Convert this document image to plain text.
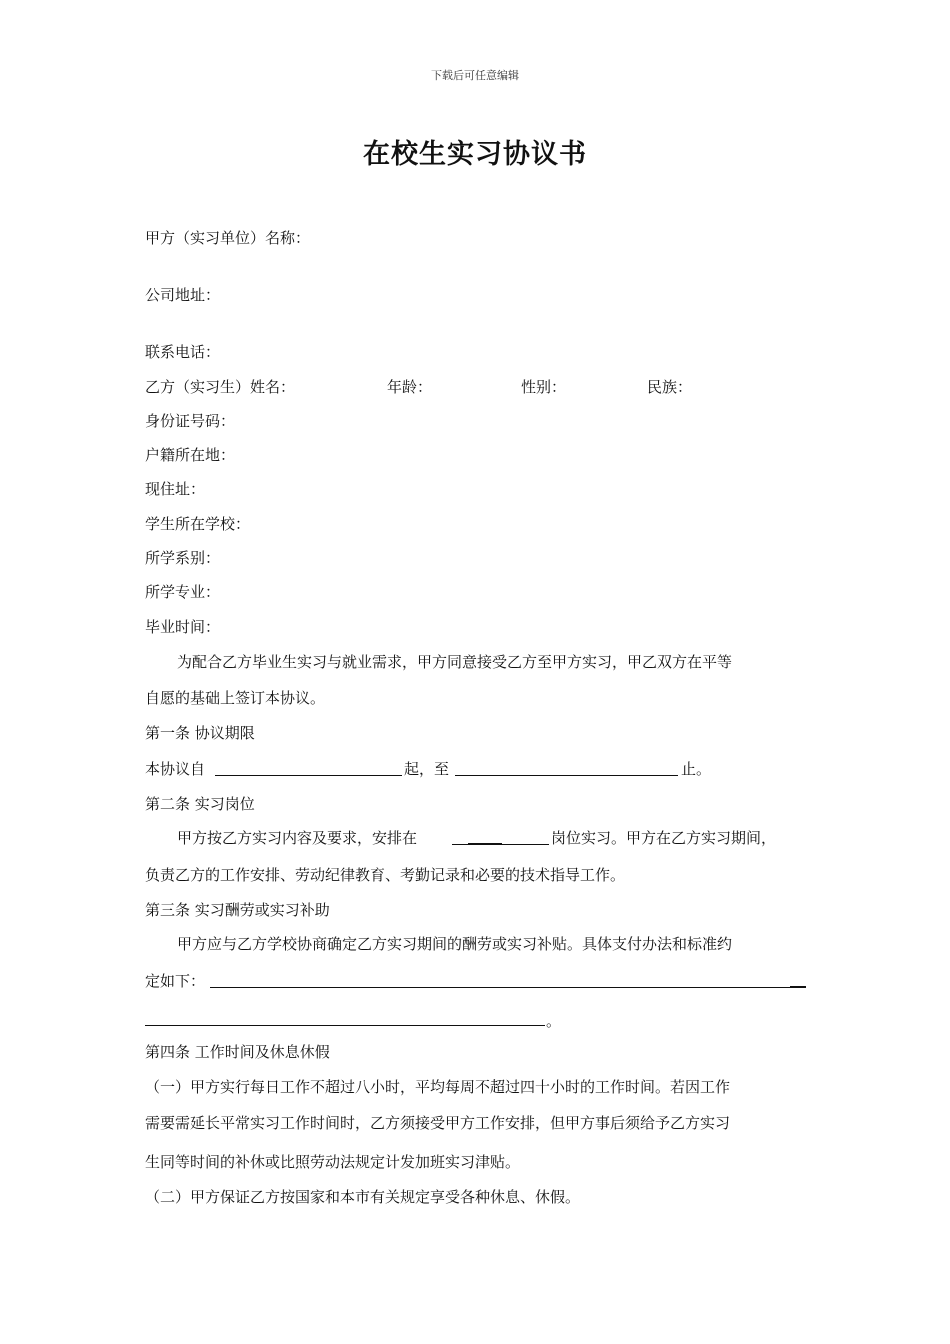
下载后可任意编辑
在校生实习协议书
甲方（实习单位）名称：
公司地址：
联系电话：
乙方（实习生）姓名：	年龄：	性别：	民族：
身份证号码：
户籍所在地：
现住址：
学生所在学校：
所学系别：
所学专业：
毕业时间：
为配合乙方毕业生实习与就业需求，甲方同意接受乙方至甲方实习，甲乙双方在平等
自愿的基础上签订本协议。
第一条 协议期限
本协议自	起，至	止。
第二条 实习岗位
甲方按乙方实习内容及要求，安排在	岗位实习。甲方在乙方实习期间，
负责乙方的工作安排、劳动纪律教育、考勤记录和必要的技术指导工作。
第三条 实习酬劳或实习补助
甲方应与乙方学校协商确定乙方实习期间的酬劳或实习补贴。具体支付办法和标准约
定如下：
。
第四条 工作时间及休息休假
（一）甲方实行每日工作不超过八小时，平均每周不超过四十小时的工作时间。若因工作
需要需延长平常实习工作时间时，乙方须接受甲方工作安排，但甲方事后须给予乙方实习
生同等时间的补休或比照劳动法规定计发加班实习津贴。
（二）甲方保证乙方按国家和本市有关规定享受各种休息、休假。
